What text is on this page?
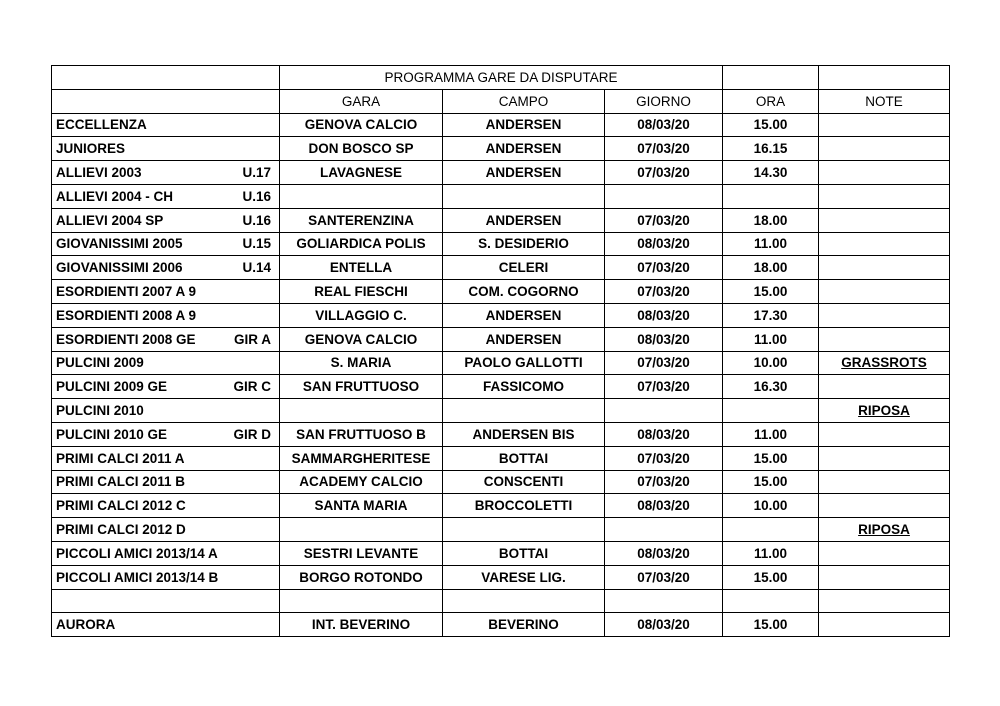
	PROGRAMMA GARE DA DISPUTARE				
	GARA	CAMPO	GIORNO	ORA	NOTE

ECCELLENZA	GENOVA CALCIO	ANDERSEN	08/03/20	15.00	

JUNIORES	DON BOSCO SP	ANDERSEN	07/03/20	16.15	

ALLIEVI 2003 U.17	LAVAGNESE	ANDERSEN	07/03/20	14.30	

ALLIEVI 2004 - CH U.16					

ALLIEVI 2004 SP U.16	SANTERENZINA	ANDERSEN	07/03/20	18.00	

GIOVANISSIMI 2005 U.15	GOLIARDICA POLIS	S. DESIDERIO	08/03/20	11.00	

GIOVANISSIMI 2006 U.14	ENTELLA	CELERI	07/03/20	18.00	

ESORDIENTI 2007 A 9	REAL FIESCHI	COM. COGORNO	07/03/20	15.00	

ESORDIENTI 2008 A 9	VILLAGGIO C.	ANDERSEN	08/03/20	17.30	

ESORDIENTI 2008 GE GIR A	GENOVA CALCIO	ANDERSEN	08/03/20	11.00	

PULCINI 2009	S. MARIA	PAOLO GALLOTTI	07/03/20	10.00	GRASSROTS

PULCINI 2009 GE GIR C	SAN FRUTTUOSO	FASSICOMO	07/03/20	16.30	

PULCINI 2010					RIPOSA

PULCINI 2010 GE GIR D	SAN FRUTTUOSO B	ANDERSEN BIS	08/03/20	11.00	

PRIMI CALCI 2011 A	SAMMARGHERITESE	BOTTAI	07/03/20	15.00	

PRIMI CALCI 2011 B	ACADEMY CALCIO	CONSCENTI	07/03/20	15.00	

PRIMI CALCI 2012 C	SANTA MARIA	BROCCOLETTI	08/03/20	10.00	

PRIMI CALCI 2012 D					RIPOSA

PICCOLI AMICI 2013/14 A	SESTRI LEVANTE	BOTTAI	08/03/20	11.00	

PICCOLI AMICI 2013/14 B	BORGO ROTONDO	VARESE LIG.	07/03/20	15.00	

AURORA	INT. BEVERINO	BEVERINO	08/03/20	15.00	
